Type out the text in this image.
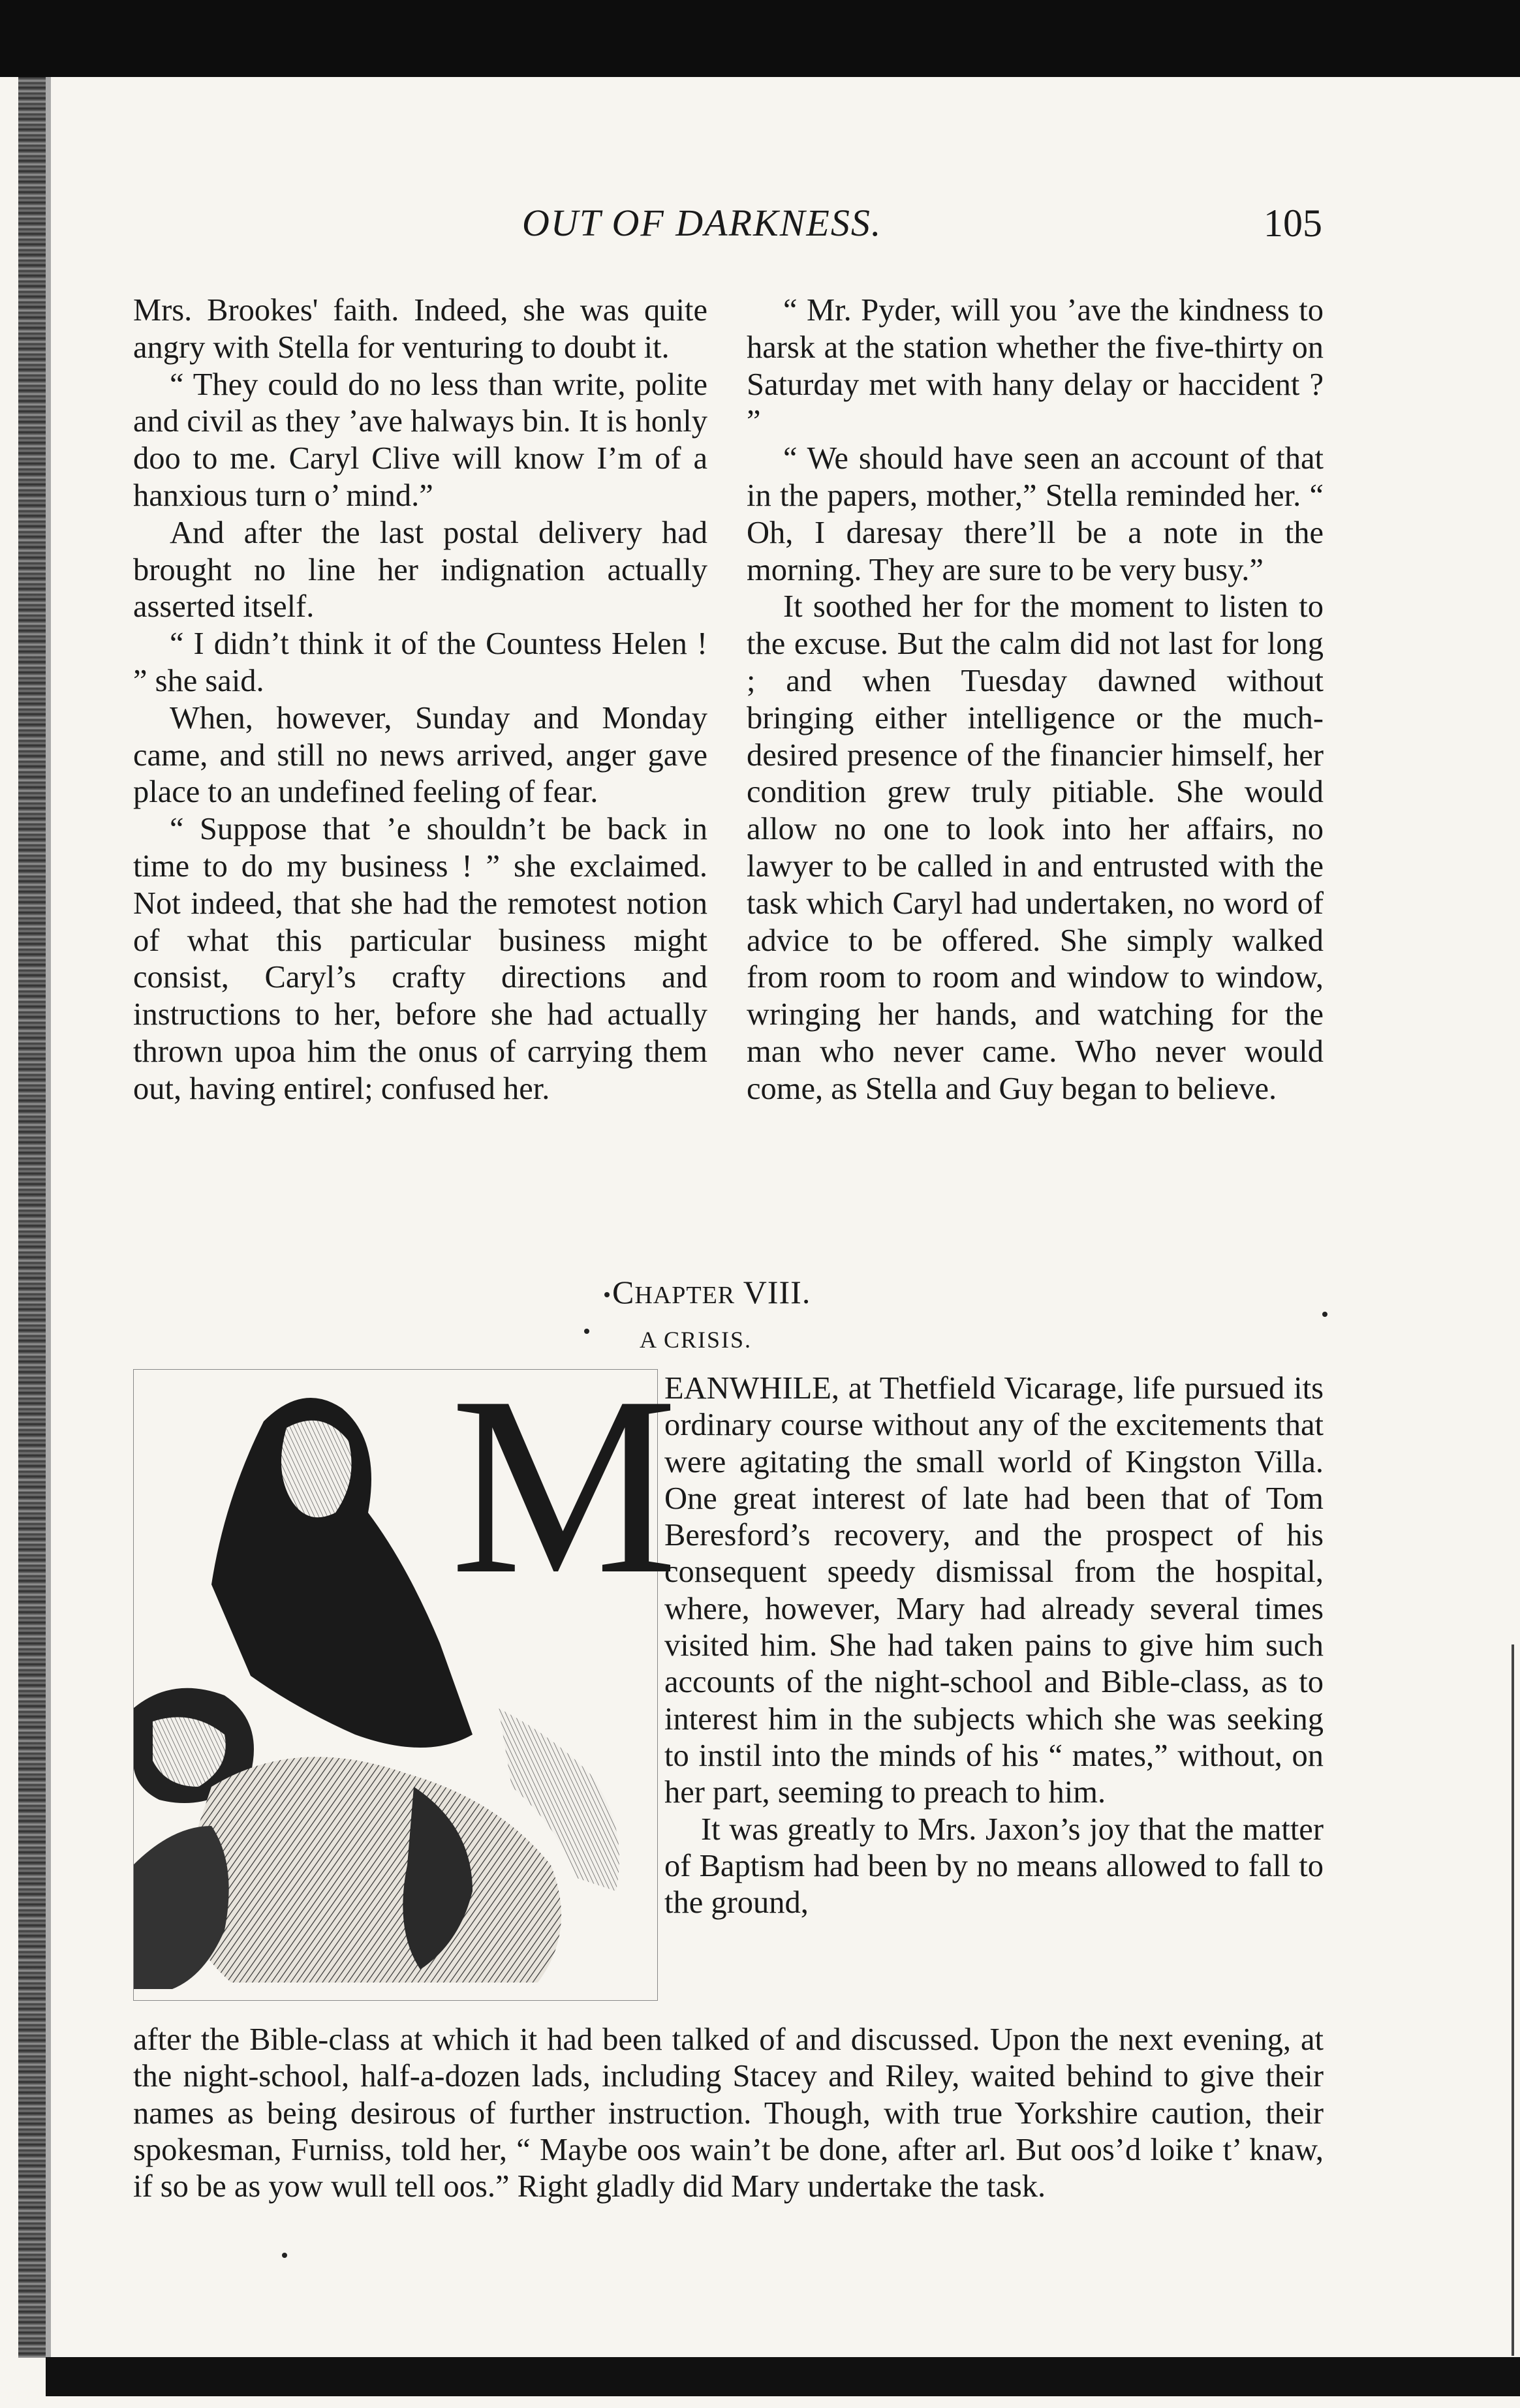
OUT OF DARKNESS.	105

Mrs. Brookes' faith. Indeed, she was quite angry with Stella for venturing to doubt it.

“ They could do no less than write, polite and civil as they ’ave halways bin. It is honly doo to me. Caryl Clive will know I’m of a hanxious turn o’ mind.”

And after the last postal delivery had brought no line her indignation actually asserted itself.

“ I didn’t think it of the Countess Helen ! ” she said.

When, however, Sunday and Monday came, and still no news arrived, anger gave place to an undefined feeling of fear.

“ Suppose that ’e shouldn’t be back in time to do my business ! ” she exclaimed. Not indeed, that she had the remotest notion of what this particular business might consist, Caryl’s crafty directions and instructions to her, before she had actually thrown upoa him the onus of carrying them out, having entirel; confused her.

“ Mr. Pyder, will you ’ave the kindness to harsk at the station whether the five-thirty on Saturday met with hany delay or haccident ? ”

“ We should have seen an account of that in the papers, mother,” Stella reminded her. “ Oh, I daresay there’ll be a note in the morning. They are sure to be very busy.”

It soothed her for the moment to listen to the excuse. But the calm did not last for long ; and when Tuesday dawned without bringing either intelligence or the much-desired presence of the financier himself, her condition grew truly pitiable. She would allow no one to look into her affairs, no lawyer to be called in and entrusted with the task which Caryl had undertaken, no word of advice to be offered. She simply walked from room to room and window to window, wringing her hands, and watching for the man who never came. Who never would come, as Stella and Guy began to believe.

CHAPTER VIII.
A CRISIS.
M

EANWHILE, at Thetfield Vicarage, life pursued its ordinary course without any of the excitements that were agitating the small world of Kingston Villa. One great interest of late had been that of Tom Beresford’s recovery, and the prospect of his consequent speedy dismissal from the hospital, where, however, Mary had already several times visited him. She had taken pains to give him such accounts of the night-school and Bible-class, as to interest him in the subjects which she was seeking to instil into the minds of his “ mates,” without, on her part, seeming to preach to him.

It was greatly to Mrs. Jaxon’s joy that the matter of Baptism had been by no means allowed to fall to the ground,

after the Bible-class at which it had been talked of and discussed. Upon the next evening, at the night-school, half-a-dozen lads, including Stacey and Riley, waited behind to give their names as being desirous of further instruction. Though, with true Yorkshire caution, their spokesman, Furniss, told her, “ Maybe oos wain’t be done, after arl. But oos’d loike t’ knaw, if so be as yow wull tell oos.” Right gladly did Mary undertake the task.
